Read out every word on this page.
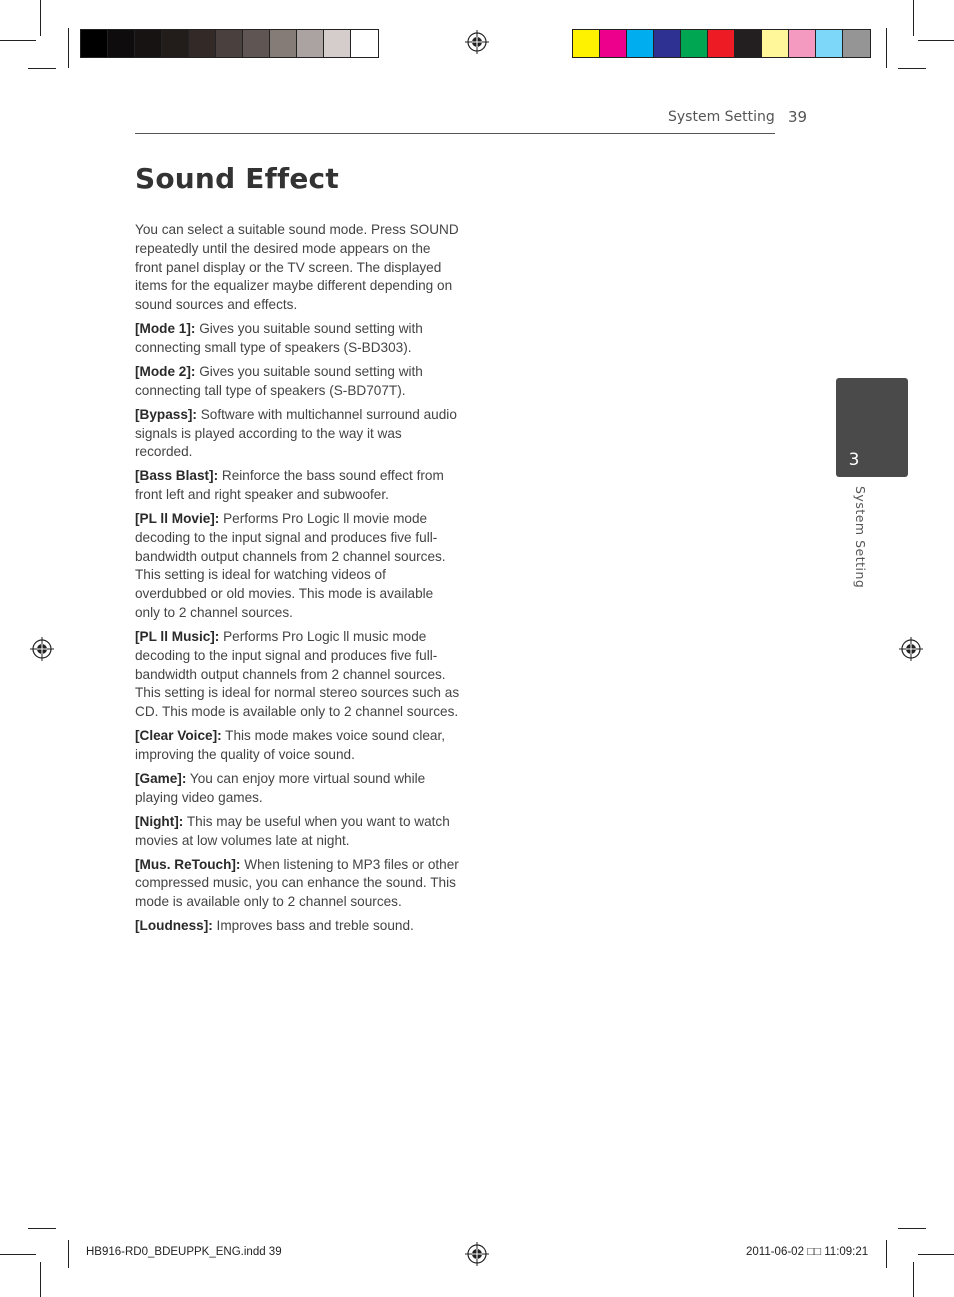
System Setting 39
Sound Effect

You can select a suitable sound mode. Press SOUND repeatedly until the desired mode appears on the front panel display or the TV screen. The displayed items for the equalizer maybe different depending on sound sources and effects.

[Mode 1]: Gives you suitable sound setting with connecting small type of speakers (S-BD303).

[Mode 2]: Gives you suitable sound setting with connecting tall type of speakers (S-BD707T).

[Bypass]: Software with multichannel surround audio signals is played according to the way it was recorded.

[Bass Blast]: Reinforce the bass sound effect from front left and right speaker and subwoofer.

[PL ll Movie]: Performs Pro Logic ll movie mode decoding to the input signal and produces five full-bandwidth output channels from 2 channel sources. This setting is ideal for watching videos of overdubbed or old movies. This mode is available only to 2 channel sources.

[PL ll Music]: Performs Pro Logic ll music mode decoding to the input signal and produces five full-bandwidth output channels from 2 channel sources. This setting is ideal for normal stereo sources such as CD. This mode is available only to 2 channel sources.

[Clear Voice]: This mode makes voice sound clear, improving the quality of voice sound.

[Game]: You can enjoy more virtual sound while playing video games.

[Night]: This may be useful when you want to watch movies at low volumes late at night.

[Mus. ReTouch]: When listening to MP3 files or other compressed music, you can enhance the sound. This mode is available only to 2 channel sources.

[Loudness]: Improves bass and treble sound.

3
System Setting
HB916-RD0_BDEUPPK_ENG.indd 39	2011-06-02 □□ 11:09:21
